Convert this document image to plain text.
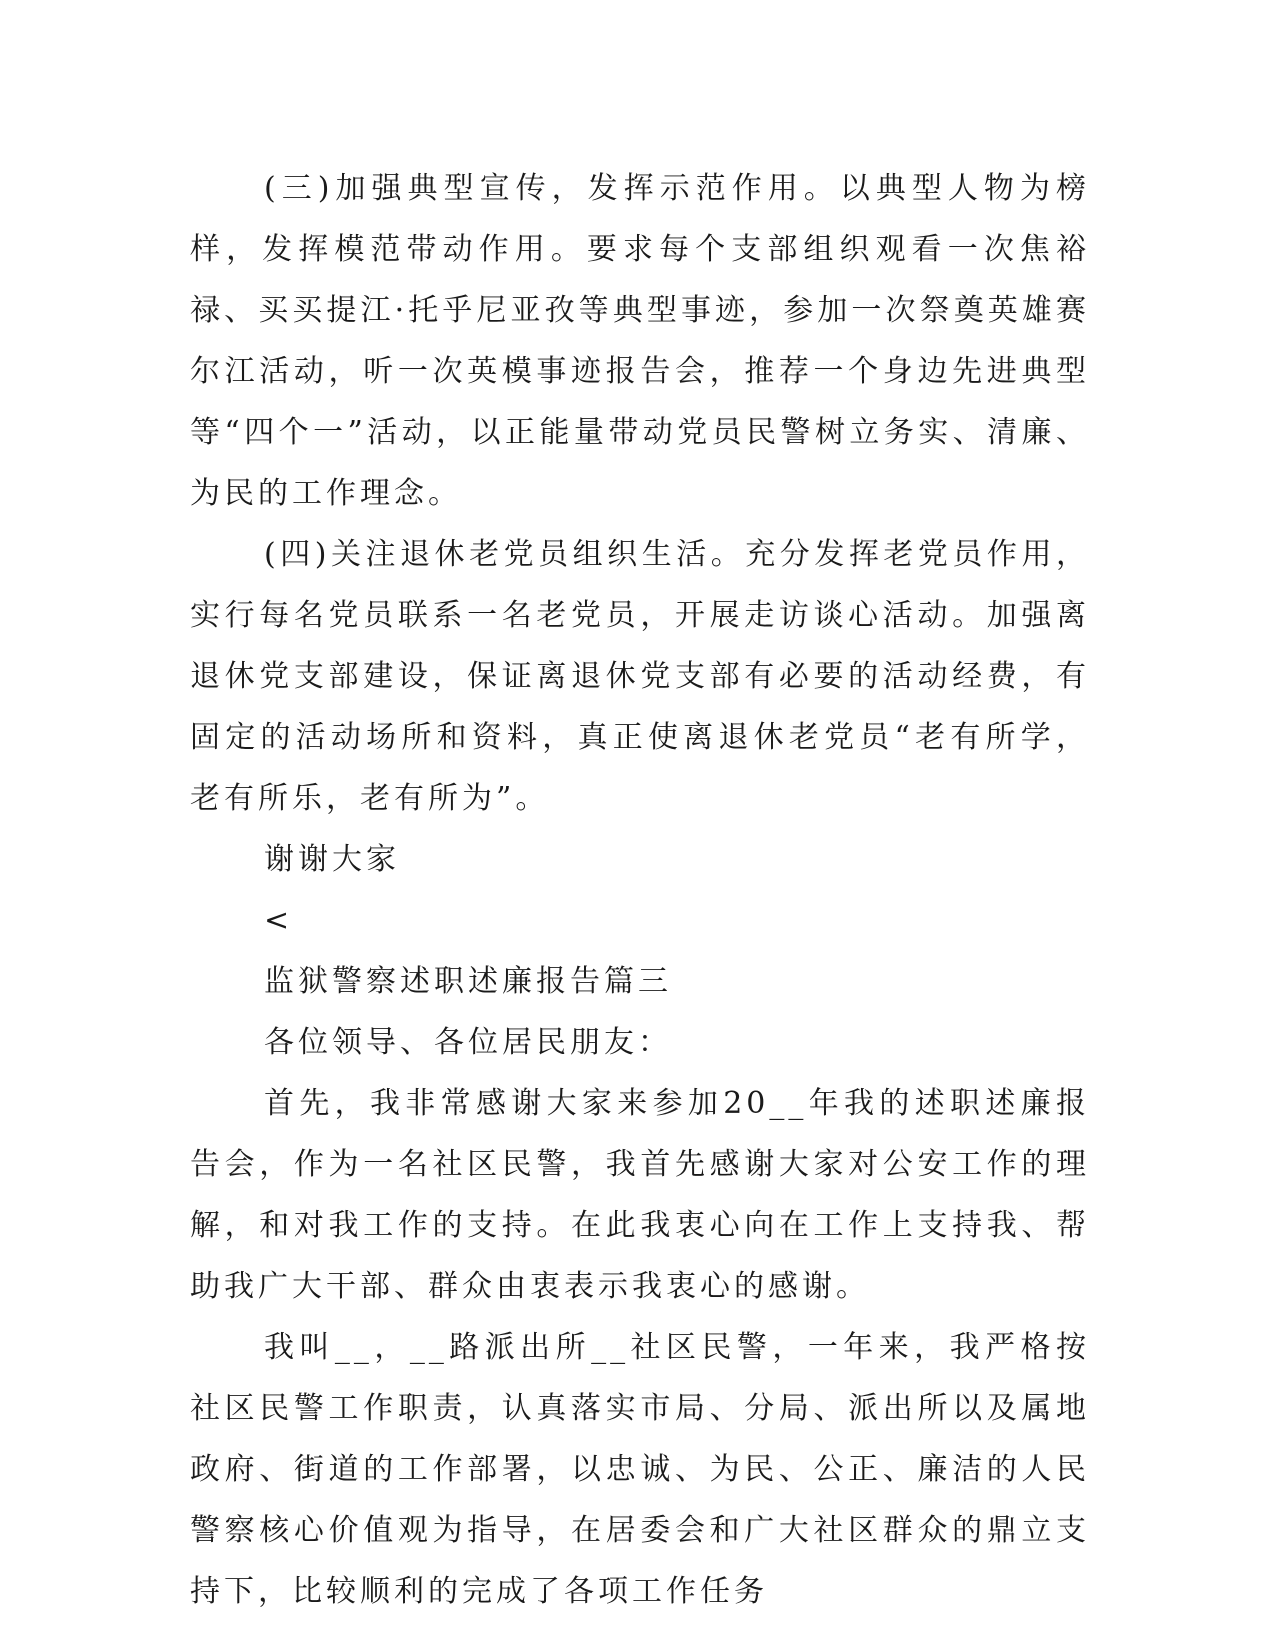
(三)加强典型宣传，发挥示范作用。以典型人物为榜样，发挥模范带动作用。要求每个支部组织观看一次焦裕禄、买买提江·托乎尼亚孜等典型事迹，参加一次祭奠英雄赛尔江活动，听一次英模事迹报告会，推荐一个身边先进典型等“四个一”活动，以正能量带动党员民警树立务实、清廉、为民的工作理念。

(四)关注退休老党员组织生活。充分发挥老党员作用，实行每名党员联系一名老党员，开展走访谈心活动。加强离退休党支部建设，保证离退休党支部有必要的活动经费，有固定的活动场所和资料，真正使离退休老党员“老有所学，老有所乐，老有所为”。

谢谢大家

<

监狱警察述职述廉报告篇三

各位领导、各位居民朋友：

首先，我非常感谢大家来参加20__年我的述职述廉报告会，作为一名社区民警，我首先感谢大家对公安工作的理解，和对我工作的支持。在此我衷心向在工作上支持我、帮助我广大干部、群众由衷表示我衷心的感谢。

我叫__，__路派出所__社区民警，一年来，我严格按社区民警工作职责，认真落实市局、分局、派出所以及属地政府、街道的工作部署，以忠诚、为民、公正、廉洁的人民警察核心价值观为指导，在居委会和广大社区群众的鼎立支持下，比较顺利的完成了各项工作任务
